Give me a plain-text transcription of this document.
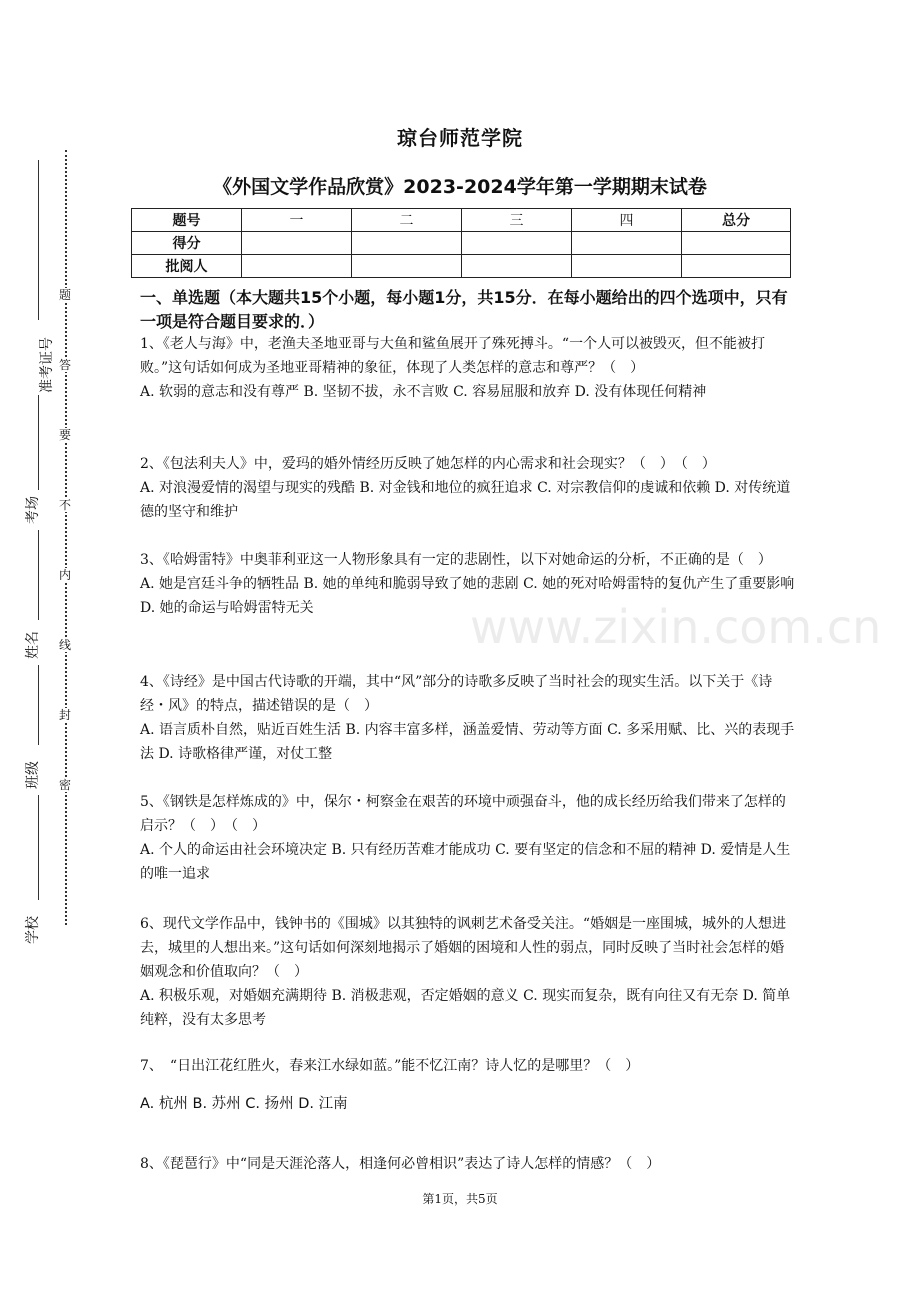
题
答
要
不
内
线
封
密
准考证号
考场
姓名
班级
学校
琼台师范学院
《外国文学作品欣赏》2023-2024学年第一学期期末试卷
题号	一	二	三	四	总分
得分					
批阅人					
一、单选题（本大题共15个小题，每小题1分，共15分．在每小题给出的四个选项中，只有一项是符合题目要求的．）

1、《老人与海》中，老渔夫圣地亚哥与大鱼和鲨鱼展开了殊死搏斗。“一个人可以被毁灭，但不能被打败。”这句话如何成为圣地亚哥精神的象征，体现了人类怎样的意志和尊严？（　）

A. 软弱的意志和没有尊严 B. 坚韧不拔，永不言败 C. 容易屈服和放弃 D. 没有体现任何精神

2、《包法利夫人》中，爱玛的婚外情经历反映了她怎样的内心需求和社会现实？（　）　（　）

A. 对浪漫爱情的渴望与现实的残酷 B. 对金钱和地位的疯狂追求 C. 对宗教信仰的虔诚和依赖 D. 对传统道德的坚守和维护

3、《哈姆雷特》中奥菲利亚这一人物形象具有一定的悲剧性，以下对她命运的分析，不正确的是（　）

A. 她是宫廷斗争的牺牲品 B. 她的单纯和脆弱导致了她的悲剧 C. 她的死对哈姆雷特的复仇产生了重要影响 D. 她的命运与哈姆雷特无关

4、《诗经》是中国古代诗歌的开端，其中“风”部分的诗歌多反映了当时社会的现实生活。以下关于《诗经・风》的特点，描述错误的是（　）

A. 语言质朴自然，贴近百姓生活 B. 内容丰富多样，涵盖爱情、劳动等方面 C. 多采用赋、比、兴的表现手法 D. 诗歌格律严谨，对仗工整

5、《钢铁是怎样炼成的》中，保尔・柯察金在艰苦的环境中顽强奋斗，他的成长经历给我们带来了怎样的启示？（　）　（　）

A. 个人的命运由社会环境决定 B. 只有经历苦难才能成功 C. 要有坚定的信念和不屈的精神 D. 爱情是人生的唯一追求

6、现代文学作品中，钱钟书的《围城》以其独特的讽刺艺术备受关注。“婚姻是一座围城，城外的人想进去，城里的人想出来。”这句话如何深刻地揭示了婚姻的困境和人性的弱点，同时反映了当时社会怎样的婚姻观念和价值取向？（　）

A. 积极乐观，对婚姻充满期待 B. 消极悲观，否定婚姻的意义 C. 现实而复杂，既有向往又有无奈 D. 简单纯粹，没有太多思考

7、　“日出江花红胜火，春来江水绿如蓝。”能不忆江南？诗人忆的是哪里？（　）

A. 杭州 B. 苏州 C. 扬州 D. 江南

8、《琵琶行》中“同是天涯沦落人，相逢何必曾相识”表达了诗人怎样的情感？（　）

www.zixin.com.cn
第1页，共5页
